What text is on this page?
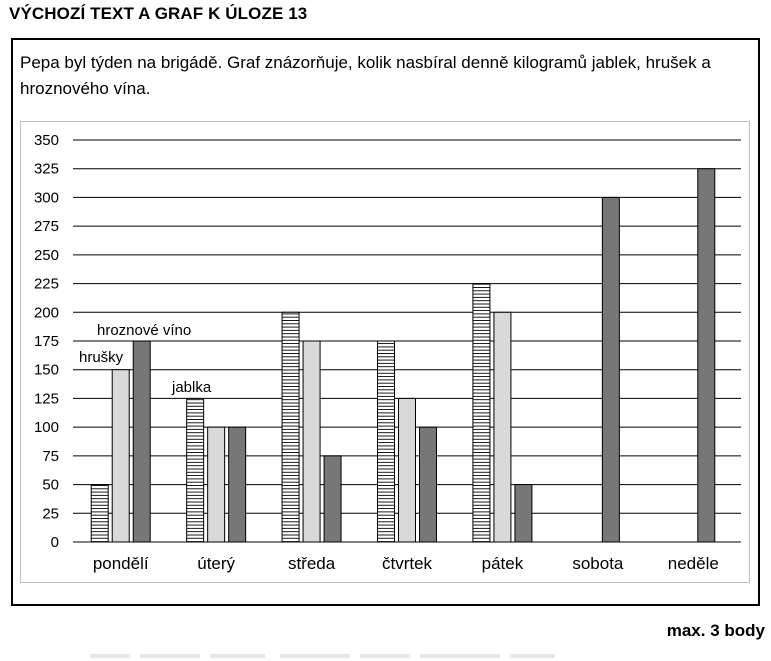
VÝCHOZÍ TEXT A GRAF K ÚLOZE 13
Pepa byl týden na brigádě. Graf znázorňuje, kolik nasbíral denně kilogramů jablek, hrušek a hroznového vína.
0
25
50
75
100
125
150
175
200
225
250
275
300
325
350
pondělí	úterý	středa	čtvrtek	pátek	sobota	neděle
hroznové víno
hrušky
jablka
max. 3 body
